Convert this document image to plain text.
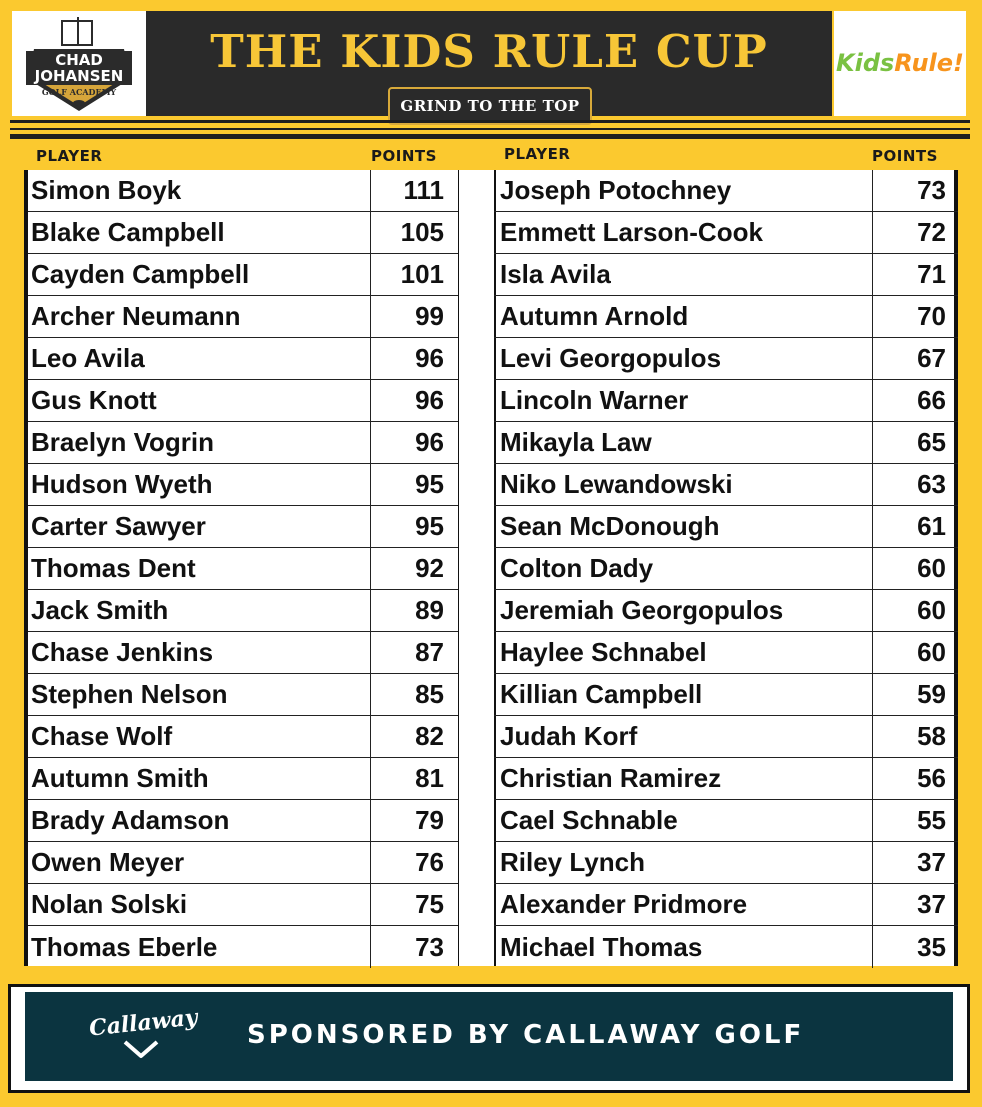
CHAD
JOHANSEN
GOLF ACADEMY
THE KIDS RULE CUP
GRIND TO THE TOP
KidsRule!
PLAYER	POINTS	PLAYER	POINTS
Simon Boyk	111
Blake Campbell	105
Cayden Campbell	101
Archer Neumann	99
Leo Avila	96
Gus Knott	96
Braelyn Vogrin	96
Hudson Wyeth	95
Carter Sawyer	95
Thomas Dent	92
Jack Smith	89
Chase Jenkins	87
Stephen Nelson	85
Chase Wolf	82
Autumn Smith	81
Brady Adamson	79
Owen Meyer	76
Nolan Solski	75
Thomas Eberle	73
Joseph Potochney	73
Emmett Larson-Cook	72
Isla Avila	71
Autumn Arnold	70
Levi Georgopulos	67
Lincoln Warner	66
Mikayla Law	65
Niko Lewandowski	63
Sean McDonough	61
Colton Dady	60
Jeremiah Georgopulos	60
Haylee Schnabel	60
Killian Campbell	59
Judah Korf	58
Christian Ramirez	56
Cael Schnable	55
Riley Lynch	37
Alexander Pridmore	37
Michael Thomas	35
Callaway SPONSORED BY CALLAWAY GOLF
